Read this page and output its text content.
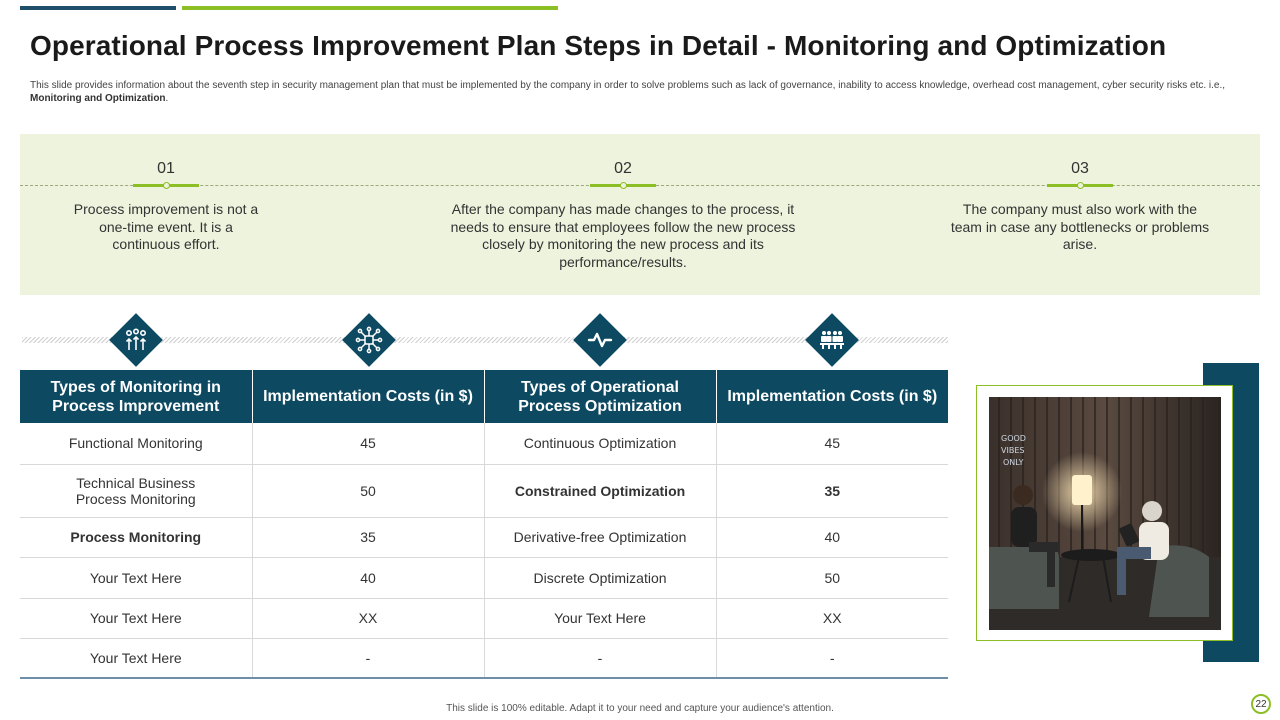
Operational Process Improvement Plan Steps in Detail - Monitoring and Optimization
This slide provides information about the seventh step in security management plan that must be implemented by the company in order to solve problems such as lack of governance, inability to access knowledge, overhead cost management, cyber security risks etc. i.e., Monitoring and Optimization.
01
Process improvement is not a one-time event. It is a continuous effort.
02
After the company has made changes to the process, it needs to ensure that employees follow the new process closely by monitoring the new process and its performance/results.
03
The company must also work with the team in case any bottlenecks or problems arise.
Types of Monitoring in Process Improvement	Implementation Costs (in $)	Types of Operational Process Optimization	Implementation Costs (in $)
Functional Monitoring	45	Continuous Optimization	45

Technical Business Process Monitoring	50	Constrained Optimization	35
Process Monitoring	35	Derivative-free Optimization	40
Your Text Here	40	Discrete Optimization	50
Your Text Here	XX	Your Text Here	XX
Your Text Here	-	-	-
GOOD
VIBES
ONLY
This slide is 100% editable. Adapt it to your need and capture your audience's attention.	22
